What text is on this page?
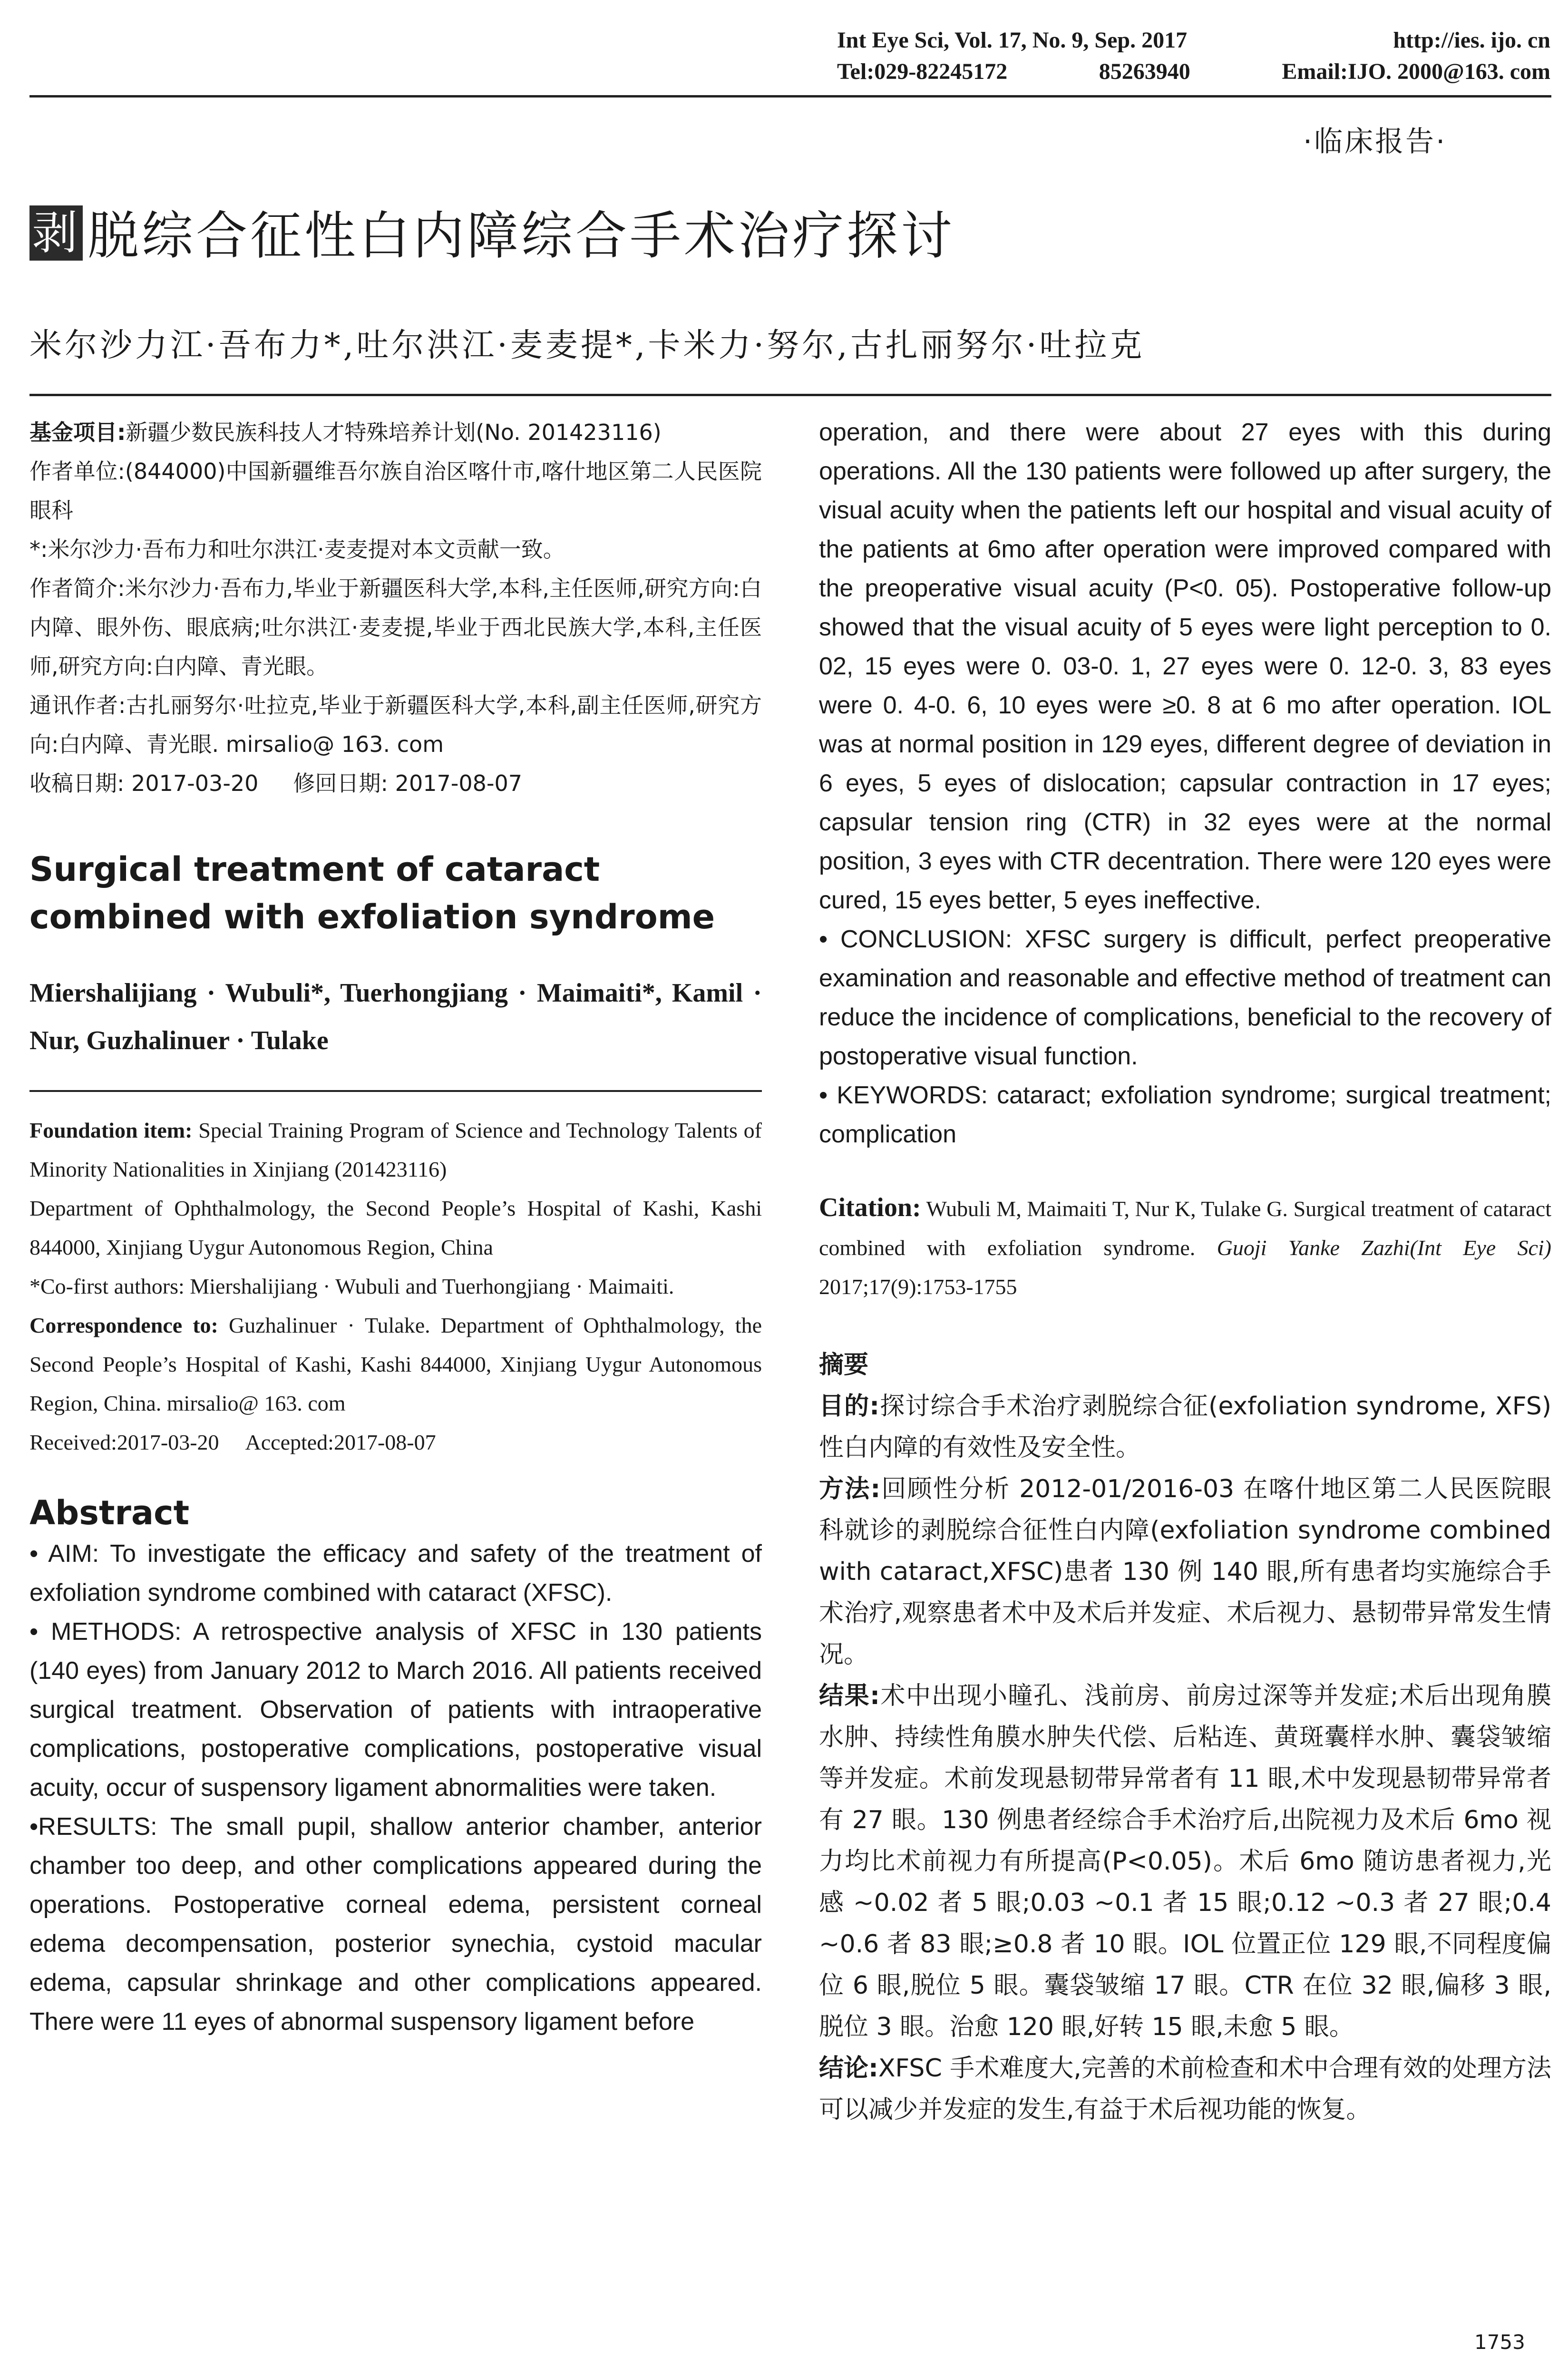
Int Eye Sci, Vol. 17, No. 9, Sep. 2017	http://ies. ijo. cn
Tel:029-82245172	85263940	Email:IJO. 2000@163. com
·临床报告·
剥 脱综合征性白内障综合手术治疗探讨
米尔沙力江·吾布力*,吐尔洪江·麦麦提*,卡米力·努尔,古扎丽努尔·吐拉克

基金项目:新疆少数民族科技人才特殊培养计划(No. 201423116)

作者单位:(844000)中国新疆维吾尔族自治区喀什市,喀什地区第二人民医院眼科

*:米尔沙力·吾布力和吐尔洪江·麦麦提对本文贡献一致。

作者简介:米尔沙力·吾布力,毕业于新疆医科大学,本科,主任医师,研究方向:白内障、眼外伤、眼底病;吐尔洪江·麦麦提,毕业于西北民族大学,本科,主任医师,研究方向:白内障、青光眼。

通讯作者:古扎丽努尔·吐拉克,毕业于新疆医科大学,本科,副主任医师,研究方向:白内障、青光眼. mirsalio@ 163. com

收稿日期: 2017-03-20     修回日期: 2017-08-07

Surgical treatment of cataract combined with exfoliation syndrome

Miershalijiang · Wubuli*, Tuerhongjiang · Maimaiti*, Kamil · Nur, Guzhalinuer · Tulake

Foundation item: Special Training Program of Science and Technology Talents of Minority Nationalities in Xinjiang (201423116)

Department of Ophthalmology, the Second People’s Hospital of Kashi, Kashi 844000, Xinjiang Uygur Autonomous Region, China

*Co-first authors: Miershalijiang · Wubuli and Tuerhongjiang · Maimaiti.

Correspondence to: Guzhalinuer · Tulake. Department of Ophthalmology, the Second People’s Hospital of Kashi, Kashi 844000, Xinjiang Uygur Autonomous Region, China. mirsalio@ 163. com

Received:2017-03-20     Accepted:2017-08-07

Abstract

• AIM: To investigate the efficacy and safety of the treatment of exfoliation syndrome combined with cataract (XFSC).

• METHODS: A retrospective analysis of XFSC in 130 patients (140 eyes) from January 2012 to March 2016. All patients received surgical treatment. Observation of patients with intraoperative complications, postoperative complications, postoperative visual acuity, occur of suspensory ligament abnormalities were taken.

•RESULTS: The small pupil, shallow anterior chamber, anterior chamber too deep, and other complications appeared during the operations. Postoperative corneal edema, persistent corneal edema decompensation, posterior synechia, cystoid macular edema, capsular shrinkage and other complications appeared. There were 11 eyes of abnormal suspensory ligament before

operation, and there were about 27 eyes with this during operations. All the 130 patients were followed up after surgery, the visual acuity when the patients left our hospital and visual acuity of the patients at 6mo after operation were improved compared with the preoperative visual acuity (P<0. 05). Postoperative follow-up showed that the visual acuity of 5 eyes were light perception to 0. 02, 15 eyes were 0. 03-0. 1, 27 eyes were 0. 12-0. 3, 83 eyes were 0. 4-0. 6, 10 eyes were ≥0. 8 at 6 mo after operation. IOL was at normal position in 129 eyes, different degree of deviation in 6 eyes, 5 eyes of dislocation; capsular contraction in 17 eyes; capsular tension ring (CTR) in 32 eyes were at the normal position, 3 eyes with CTR decentration. There were 120 eyes were cured, 15 eyes better, 5 eyes ineffective.

• CONCLUSION: XFSC surgery is difficult, perfect preoperative examination and reasonable and effective method of treatment can reduce the incidence of complications, beneficial to the recovery of postoperative visual function.

• KEYWORDS: cataract; exfoliation syndrome; surgical treatment; complication

Citation: Wubuli M, Maimaiti T, Nur K, Tulake G. Surgical treatment of cataract combined with exfoliation syndrome. Guoji Yanke Zazhi(Int Eye Sci) 2017;17(9):1753-1755

摘要

目的:探讨综合手术治疗剥脱综合征(exfoliation syndrome, XFS)性白内障的有效性及安全性。

方法:回顾性分析 2012-01/2016-03 在喀什地区第二人民医院眼科就诊的剥脱综合征性白内障(exfoliation syndrome combined with cataract,XFSC)患者 130 例 140 眼,所有患者均实施综合手术治疗,观察患者术中及术后并发症、术后视力、悬韧带异常发生情况。

结果:术中出现小瞳孔、浅前房、前房过深等并发症;术后出现角膜水肿、持续性角膜水肿失代偿、后粘连、黄斑囊样水肿、囊袋皱缩等并发症。术前发现悬韧带异常者有 11 眼,术中发现悬韧带异常者有 27 眼。130 例患者经综合手术治疗后,出院视力及术后 6mo 视力均比术前视力有所提高(P<0.05)。术后 6mo 随访患者视力,光感 ~0.02 者 5 眼;0.03 ~0.1 者 15 眼;0.12 ~0.3 者 27 眼;0.4 ~0.6 者 83 眼;≥0.8 者 10 眼。IOL 位置正位 129 眼,不同程度偏位 6 眼,脱位 5 眼。囊袋皱缩 17 眼。CTR 在位 32 眼,偏移 3 眼,脱位 3 眼。治愈 120 眼,好转 15 眼,未愈 5 眼。

结论:XFSC 手术难度大,完善的术前检查和术中合理有效的处理方法可以减少并发症的发生,有益于术后视功能的恢复。

1753
